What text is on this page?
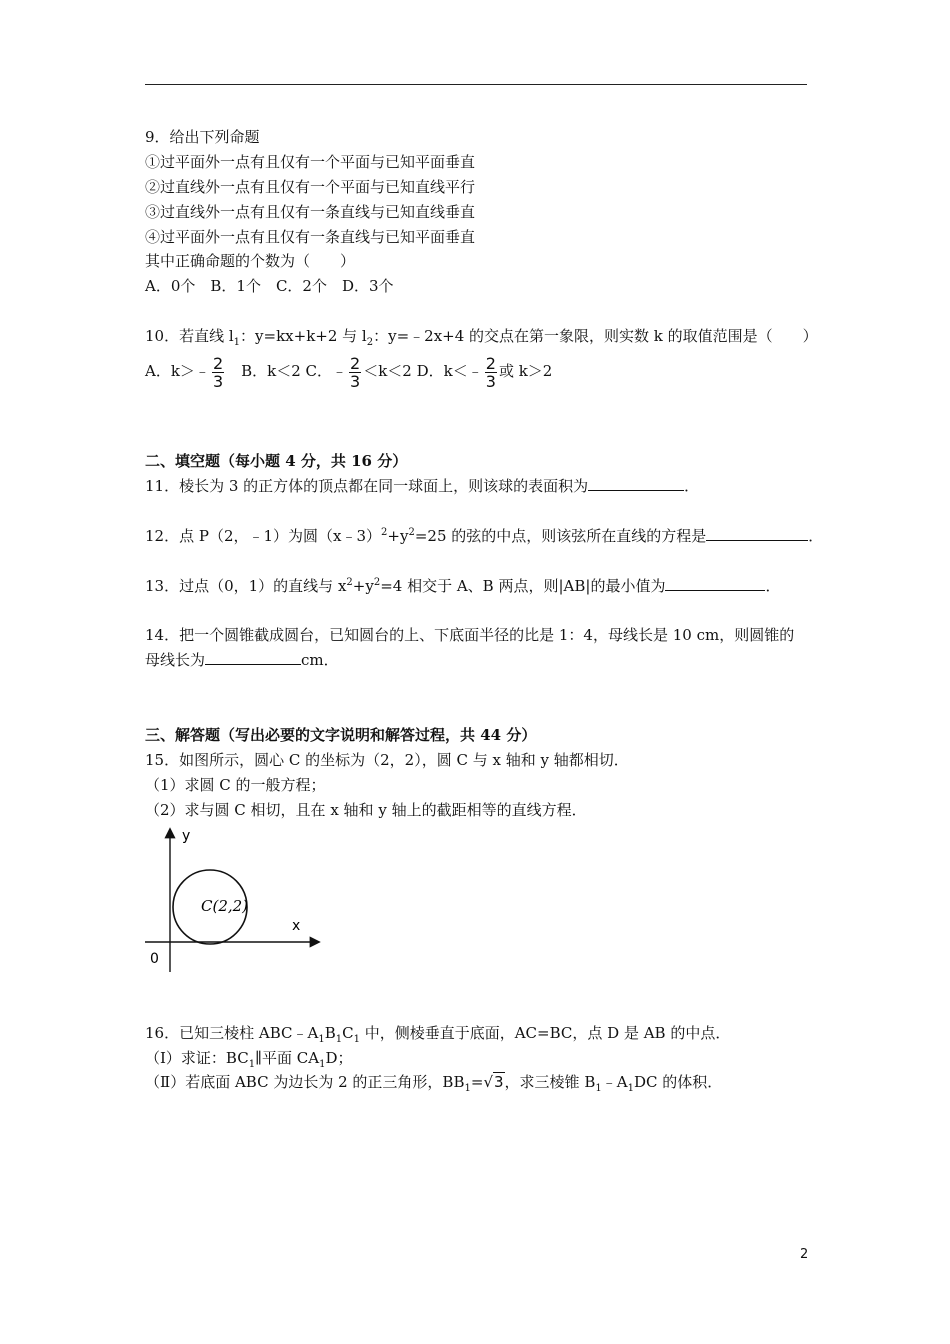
9．给出下列命题
①过平面外一点有且仅有一个平面与已知平面垂直
②过直线外一点有且仅有一个平面与已知直线平行
③过直线外一点有且仅有一条直线与已知直线垂直
④过平面外一点有且仅有一条直线与已知平面垂直
其中正确命题的个数为（　　）
A．0个　B．1个　C．2个　D．3个
10．若直线 $l_1$：y=kx+k+2 与 $l_2$：y=﹣2x+4 的交点在第一象限，则实数 k 的取值范围是（　　）
A．k＞﹣ $\frac{2}{3}$ 　B．k＜2 C．﹣ $\frac{2}{3} <k<2$ D．k＜﹣ $\frac{2}{3}$ 或 k＞2
二、填空题（每小题 4 分，共 16 分）
11．棱长为 3 的正方体的顶点都在同一球面上，则该球的表面积为	．
12．点 P（2，﹣1）为圆$(x﹣3)^2+y^2=25$ 的弦的中点，则该弦所在直线的方程是	．
13．过点（0，1）的直线与 $x^2+y^2=4$ 相交于 A、B 两点，则|AB|的最小值为	．
14．把一个圆锥截成圆台，已知圆台的上、下底面半径的比是 1：4，母线长是 10 cm，则圆锥的
母线长为	cm．
三、解答题（写出必要的文字说明和解答过程，共 44 分）
15．如图所示，圆心 C 的坐标为（2，2），圆 C 与 x 轴和 y 轴都相切．
（1）求圆 C 的一般方程；
（2）求与圆 C 相切，且在 x 轴和 y 轴上的截距相等的直线方程．
y
x
0
C(2,2)
16．已知三棱柱 $ABC﹣A_1B_1C_1$ 中，侧棱垂直于底面，AC=BC，点 D 是 AB 的中点．
（Ⅰ）求证：$BC_1\parallel$平面 $CA_1D$；
（Ⅱ）若底面 ABC 为边长为 2 的正三角形，$BB_1=√3$，求三棱锥 $B_1﹣A_1DC$ 的体积．
2
